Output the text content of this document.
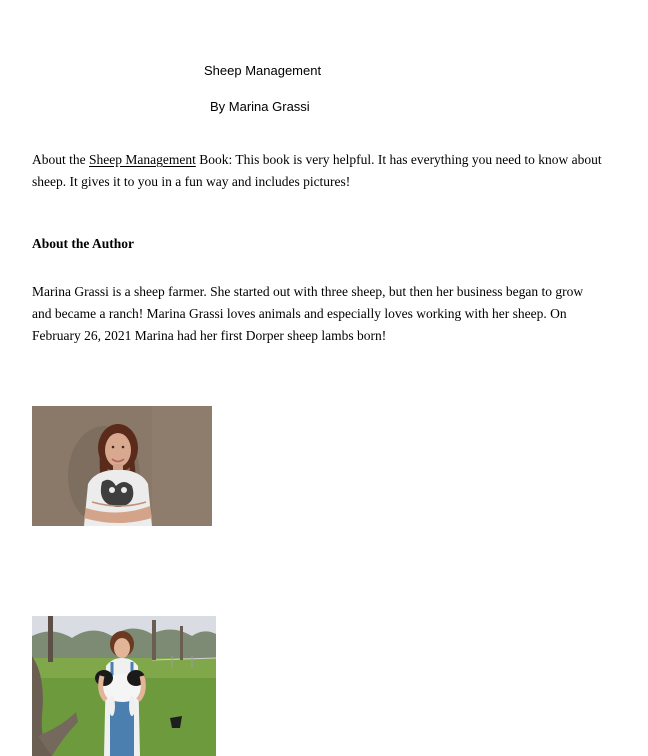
Sheep Management
By Marina Grassi
About the Sheep Management Book: This book is very helpful. It has everything you need to know about sheep. It gives it to you in a fun way and includes pictures!
About the Author
Marina Grassi is a sheep farmer. She started out with three sheep, but then her business began to grow and became a ranch! Marina Grassi loves animals and especially loves working with her sheep. On February 26, 2021 Marina had her first Dorper sheep lambs born!
